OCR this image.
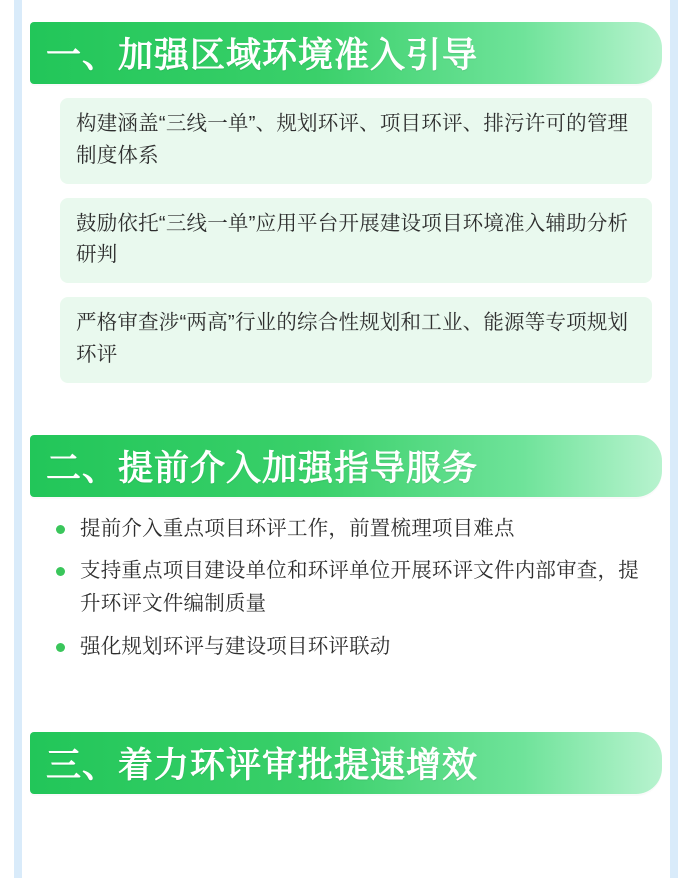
一、加强区域环境准入引导
构建涵盖“三线一单”、规划环评、项目环评、排污许可的管理制度体系
鼓励依托“三线一单”应用平台开展建设项目环境准入辅助分析研判
严格审查涉“两高”行业的综合性规划和工业、能源等专项规划环评
二、提前介入加强指导服务
提前介入重点项目环评工作，前置梳理项目难点
支持重点项目建设单位和环评单位开展环评文件内部审查，提升环评文件编制质量
强化规划环评与建设项目环评联动
三、着力环评审批提速增效
